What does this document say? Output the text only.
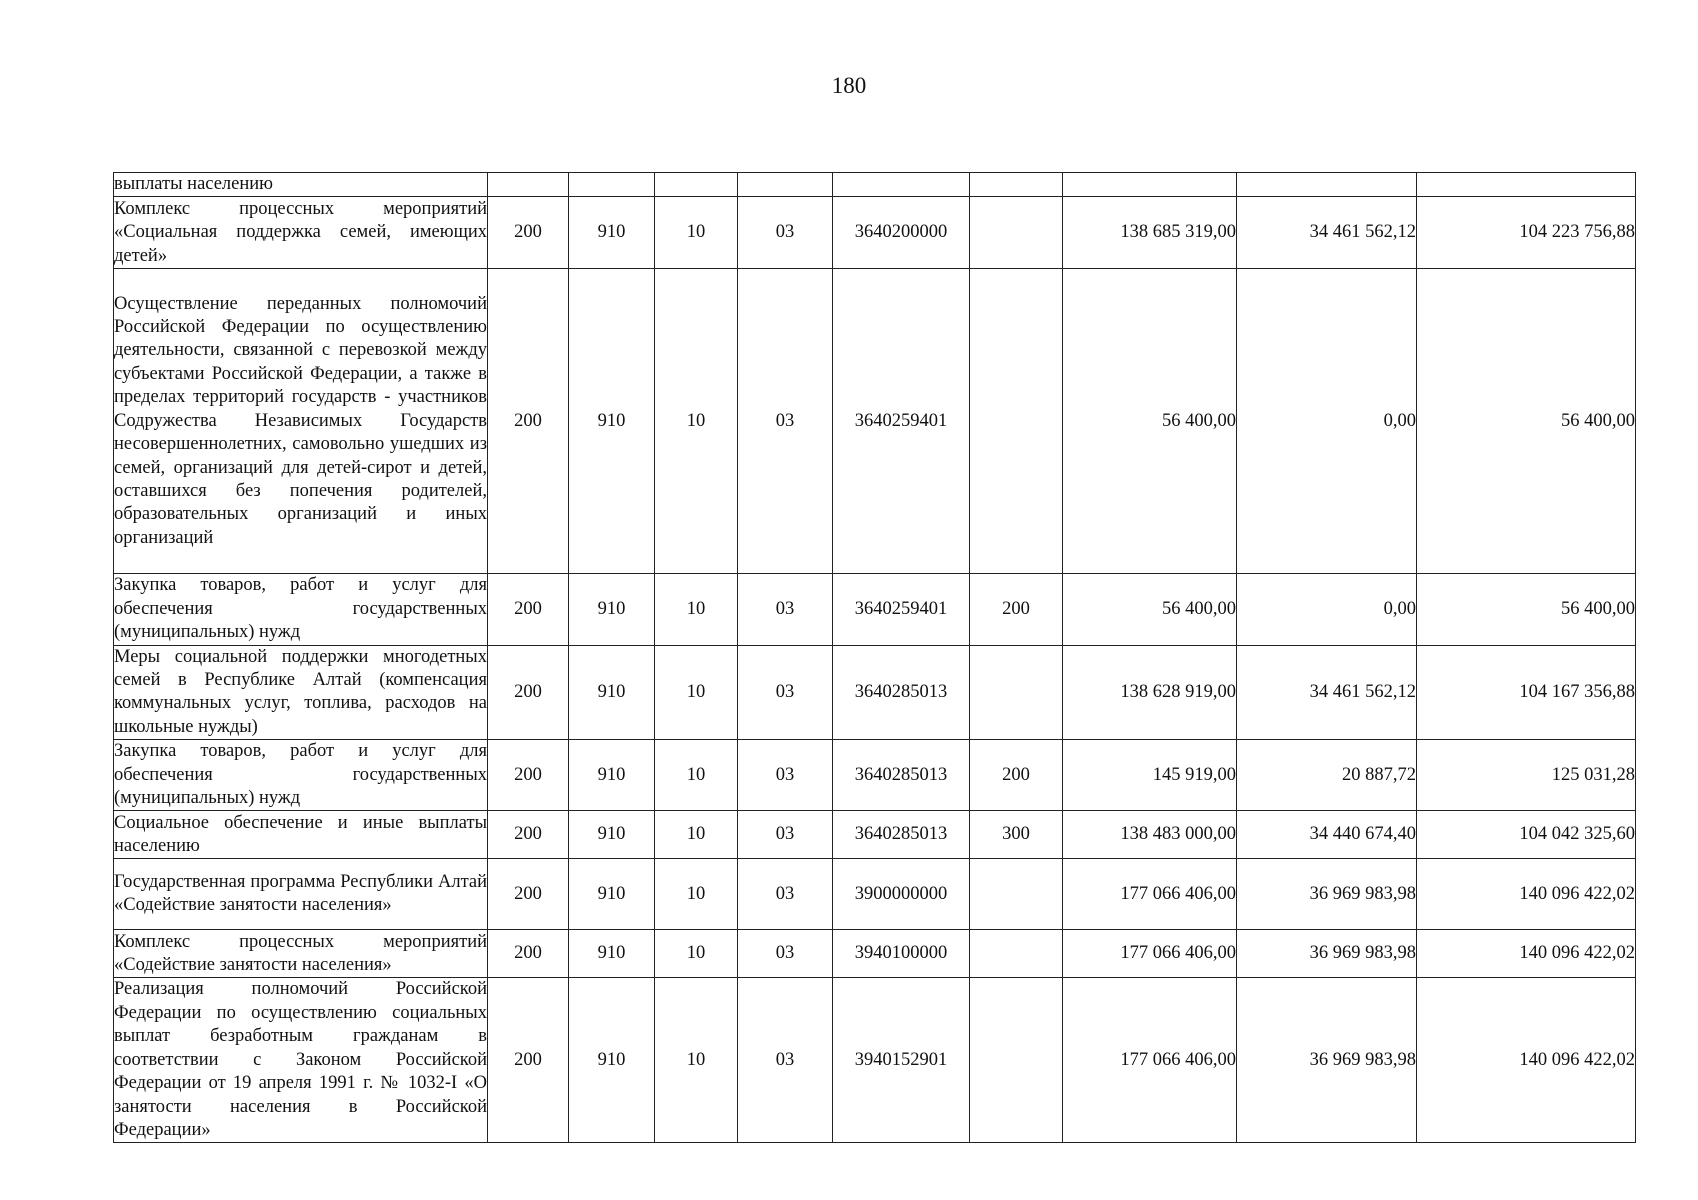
180
выплаты населению									
Комплекс процессных мероприятий «Социальная поддержка семей, имеющих детей»	200	910	10	03	3640200000		138 685 319,00	34 461 562,12	104 223 756,88
Осуществление переданных полномочий Российской Федерации по осуществлению деятельности, связанной с перевозкой между субъектами Российской Федерации, а также в пределах территорий государств - участников Содружества Независимых Государств несовершеннолетних, самовольно ушедших из семей, организаций для детей-сирот и детей, оставшихся без попечения родителей, образовательных организаций и иных организаций	200	910	10	03	3640259401		56 400,00	0,00	56 400,00
Закупка товаров, работ и услуг для обеспечения государственных (муниципальных) нужд	200	910	10	03	3640259401	200	56 400,00	0,00	56 400,00
Меры социальной поддержки многодетных семей в Республике Алтай (компенсация коммунальных услуг, топлива, расходов на школьные нужды)	200	910	10	03	3640285013		138 628 919,00	34 461 562,12	104 167 356,88
Закупка товаров, работ и услуг для обеспечения государственных (муниципальных) нужд	200	910	10	03	3640285013	200	145 919,00	20 887,72	125 031,28
Социальное обеспечение и иные выплаты населению	200	910	10	03	3640285013	300	138 483 000,00	34 440 674,40	104 042 325,60
Государственная программа Республики Алтай «Содействие занятости населения»	200	910	10	03	3900000000		177 066 406,00	36 969 983,98	140 096 422,02
Комплекс процессных мероприятий «Содействие занятости населения»	200	910	10	03	3940100000		177 066 406,00	36 969 983,98	140 096 422,02
Реализация полномочий Российской Федерации по осуществлению социальных выплат безработным гражданам в соответствии с Законом Российской Федерации от 19 апреля 1991 г. № 1032-I «О занятости населения в Российской Федерации»	200	910	10	03	3940152901		177 066 406,00	36 969 983,98	140 096 422,02
